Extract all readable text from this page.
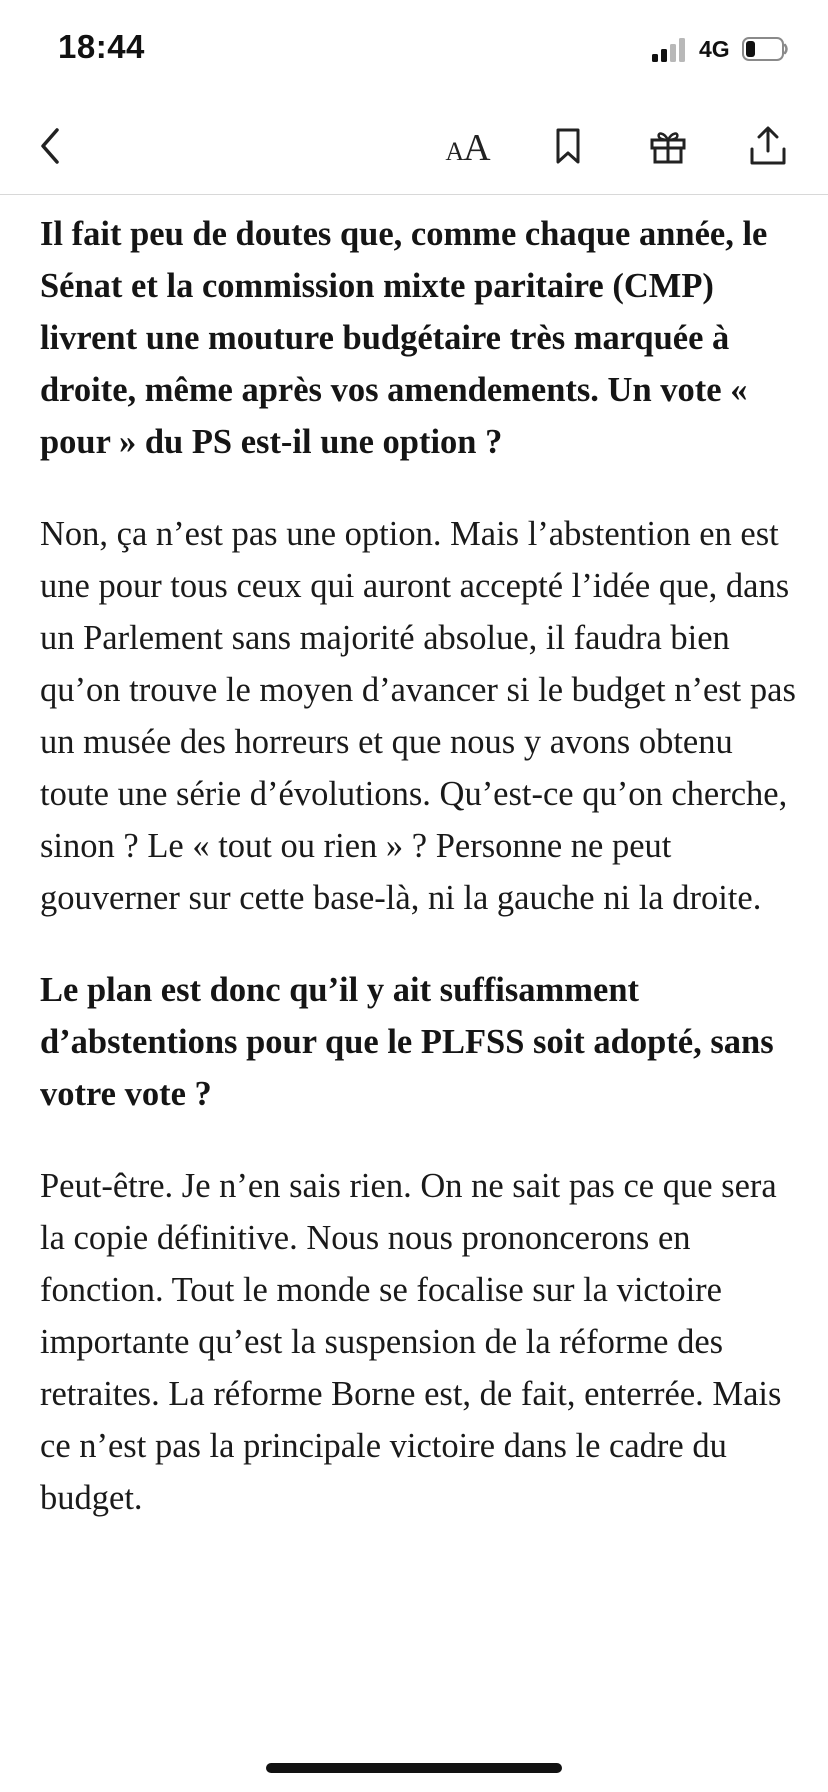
18:44	4G
AA

Il fait peu de doutes que, comme chaque année, le Sénat et la commission mixte paritaire (CMP) livrent une mouture budgétaire très marquée à droite, même après vos amendements. Un vote « pour » du PS est-il une option ?

Non, ça n’est pas une option. Mais l’abstention en est une pour tous ceux qui auront accepté l’idée que, dans un Parlement sans majorité absolue, il faudra bien qu’on trouve le moyen d’avancer si le budget n’est pas un musée des horreurs et que nous y avons obtenu toute une série d’évolutions. Qu’est-ce qu’on cherche, sinon ? Le « tout ou rien » ? Personne ne peut gouverner sur cette base-là, ni la gauche ni la droite.

Le plan est donc qu’il y ait suffisamment d’abstentions pour que le PLFSS soit adopté, sans votre vote ?

Peut-être. Je n’en sais rien. On ne sait pas ce que sera la copie définitive. Nous nous prononcerons en fonction. Tout le monde se focalise sur la victoire importante qu’est la suspension de la réforme des retraites. La réforme Borne est, de fait, enterrée. Mais ce n’est pas la principale victoire dans le cadre du budget.
